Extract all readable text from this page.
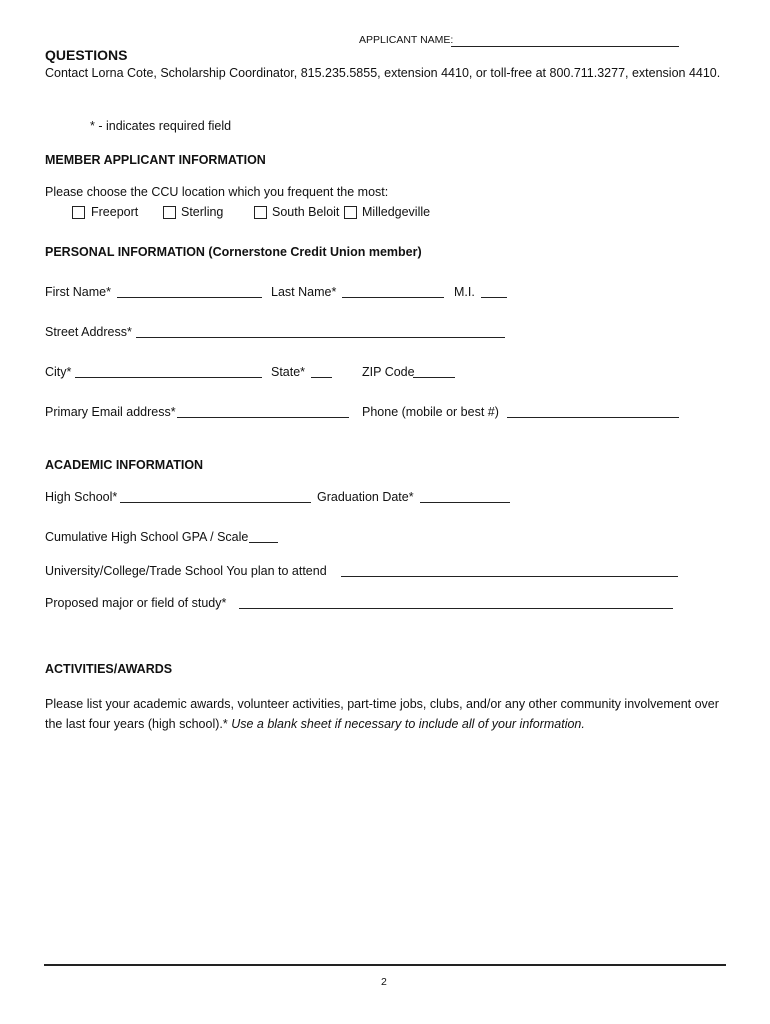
APPLICANT NAME:
QUESTIONS
Contact Lorna Cote, Scholarship Coordinator, 815.235.5855, extension 4410, or toll-free at 800.711.3277, extension 4410.
* - indicates required field
MEMBER APPLICANT INFORMATION
Please choose the CCU location which you frequent the most:
Freeport	Sterling	South Beloit Milledgeville
PERSONAL INFORMATION (Cornerstone Credit Union member)
First Name*	Last Name*	M.I.
Street Address*
City*	State*	ZIP Code
Primary Email address*	Phone (mobile or best #)
ACADEMIC INFORMATION
High School*	Graduation Date*
Cumulative High School GPA / Scale
University/College/Trade School You plan to attend
Proposed major or field of study*
ACTIVITIES/AWARDS
Please list your academic awards, volunteer activities, part-time jobs, clubs, and/or any other community involvement over the last four years (high school).* Use a blank sheet if necessary to include all of your information.
2
